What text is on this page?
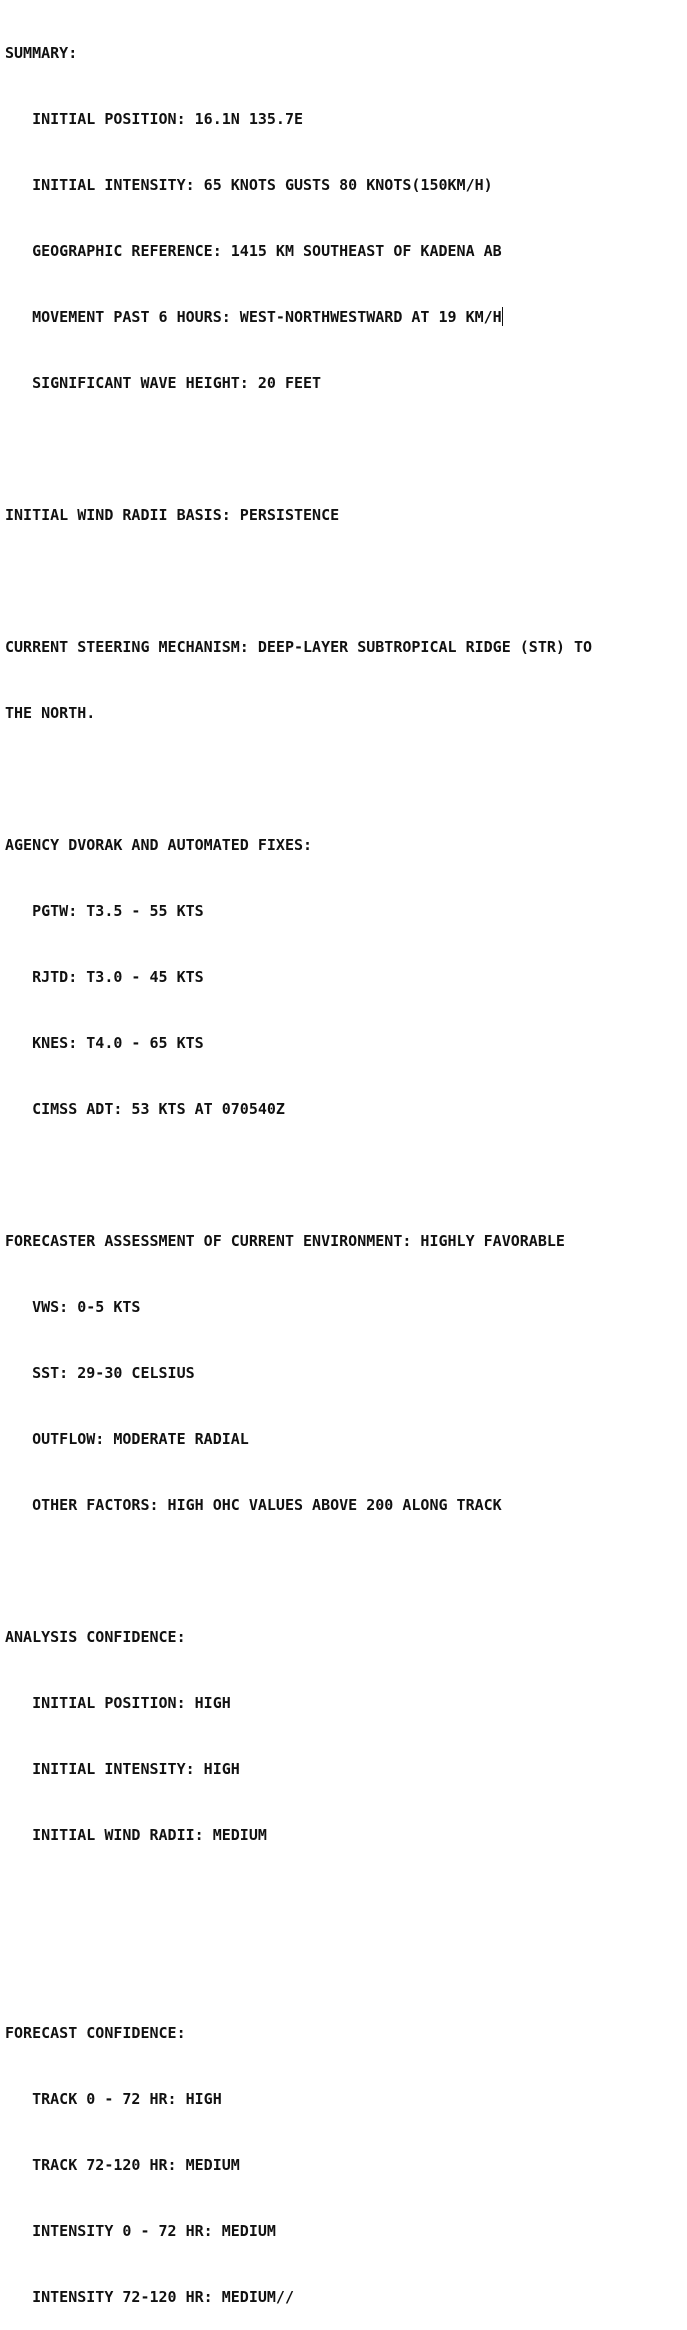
SUMMARY:

INITIAL POSITION: 16.1N 135.7E

INITIAL INTENSITY: 65 KNOTS GUSTS 80 KNOTS(150KM/H)

GEOGRAPHIC REFERENCE: 1415 KM SOUTHEAST OF KADENA AB

MOVEMENT PAST 6 HOURS: WEST-NORTHWESTWARD AT 19 KM/H

SIGNIFICANT WAVE HEIGHT: 20 FEET

INITIAL WIND RADII BASIS: PERSISTENCE

CURRENT STEERING MECHANISM: DEEP-LAYER SUBTROPICAL RIDGE (STR) TO

THE NORTH.

AGENCY DVORAK AND AUTOMATED FIXES:

PGTW: T3.5 - 55 KTS

RJTD: T3.0 - 45 KTS

KNES: T4.0 - 65 KTS

CIMSS ADT: 53 KTS AT 070540Z

FORECASTER ASSESSMENT OF CURRENT ENVIRONMENT: HIGHLY FAVORABLE

VWS: 0-5 KTS

SST: 29-30 CELSIUS

OUTFLOW: MODERATE RADIAL

OTHER FACTORS: HIGH OHC VALUES ABOVE 200 ALONG TRACK

ANALYSIS CONFIDENCE:

INITIAL POSITION: HIGH

INITIAL INTENSITY: HIGH

INITIAL WIND RADII: MEDIUM

FORECAST CONFIDENCE:

TRACK 0 - 72 HR: HIGH

TRACK 72-120 HR: MEDIUM

INTENSITY 0 - 72 HR: MEDIUM

INTENSITY 72-120 HR: MEDIUM//
